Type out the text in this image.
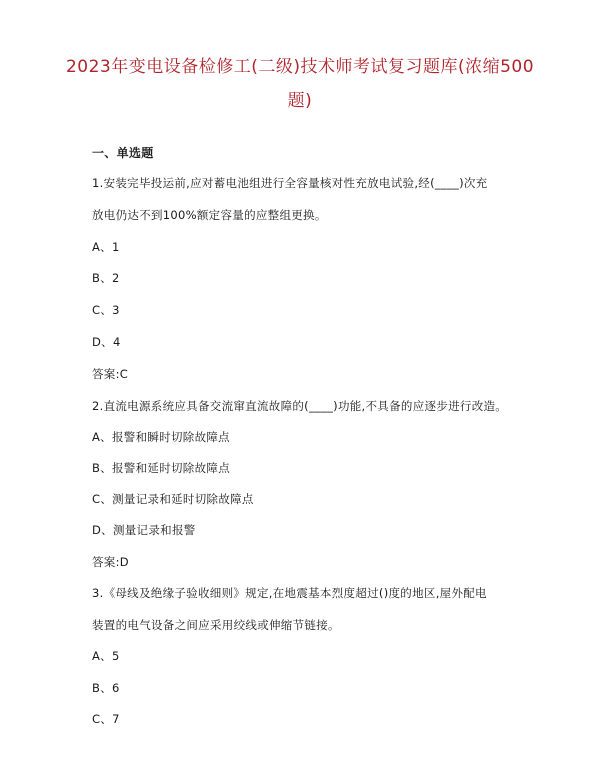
2023年变电设备检修工(二级)技术师考试复习题库(浓缩500题)
一、单选题
1.安装完毕投运前,应对蓄电池组进行全容量核对性充放电试验,经(____)次充
放电仍达不到100%额定容量的应整组更换。
A、1
B、2
C、3
D、4
答案:C
2.直流电源系统应具备交流窜直流故障的(____)功能,不具备的应逐步进行改造。
A、报警和瞬时切除故障点
B、报警和延时切除故障点
C、测量记录和延时切除故障点
D、测量记录和报警
答案:D
3.《母线及绝缘子验收细则》规定,在地震基本烈度超过()度的地区,屋外配电
装置的电气设备之间应采用绞线或伸缩节链接。
A、5
B、6
C、7
